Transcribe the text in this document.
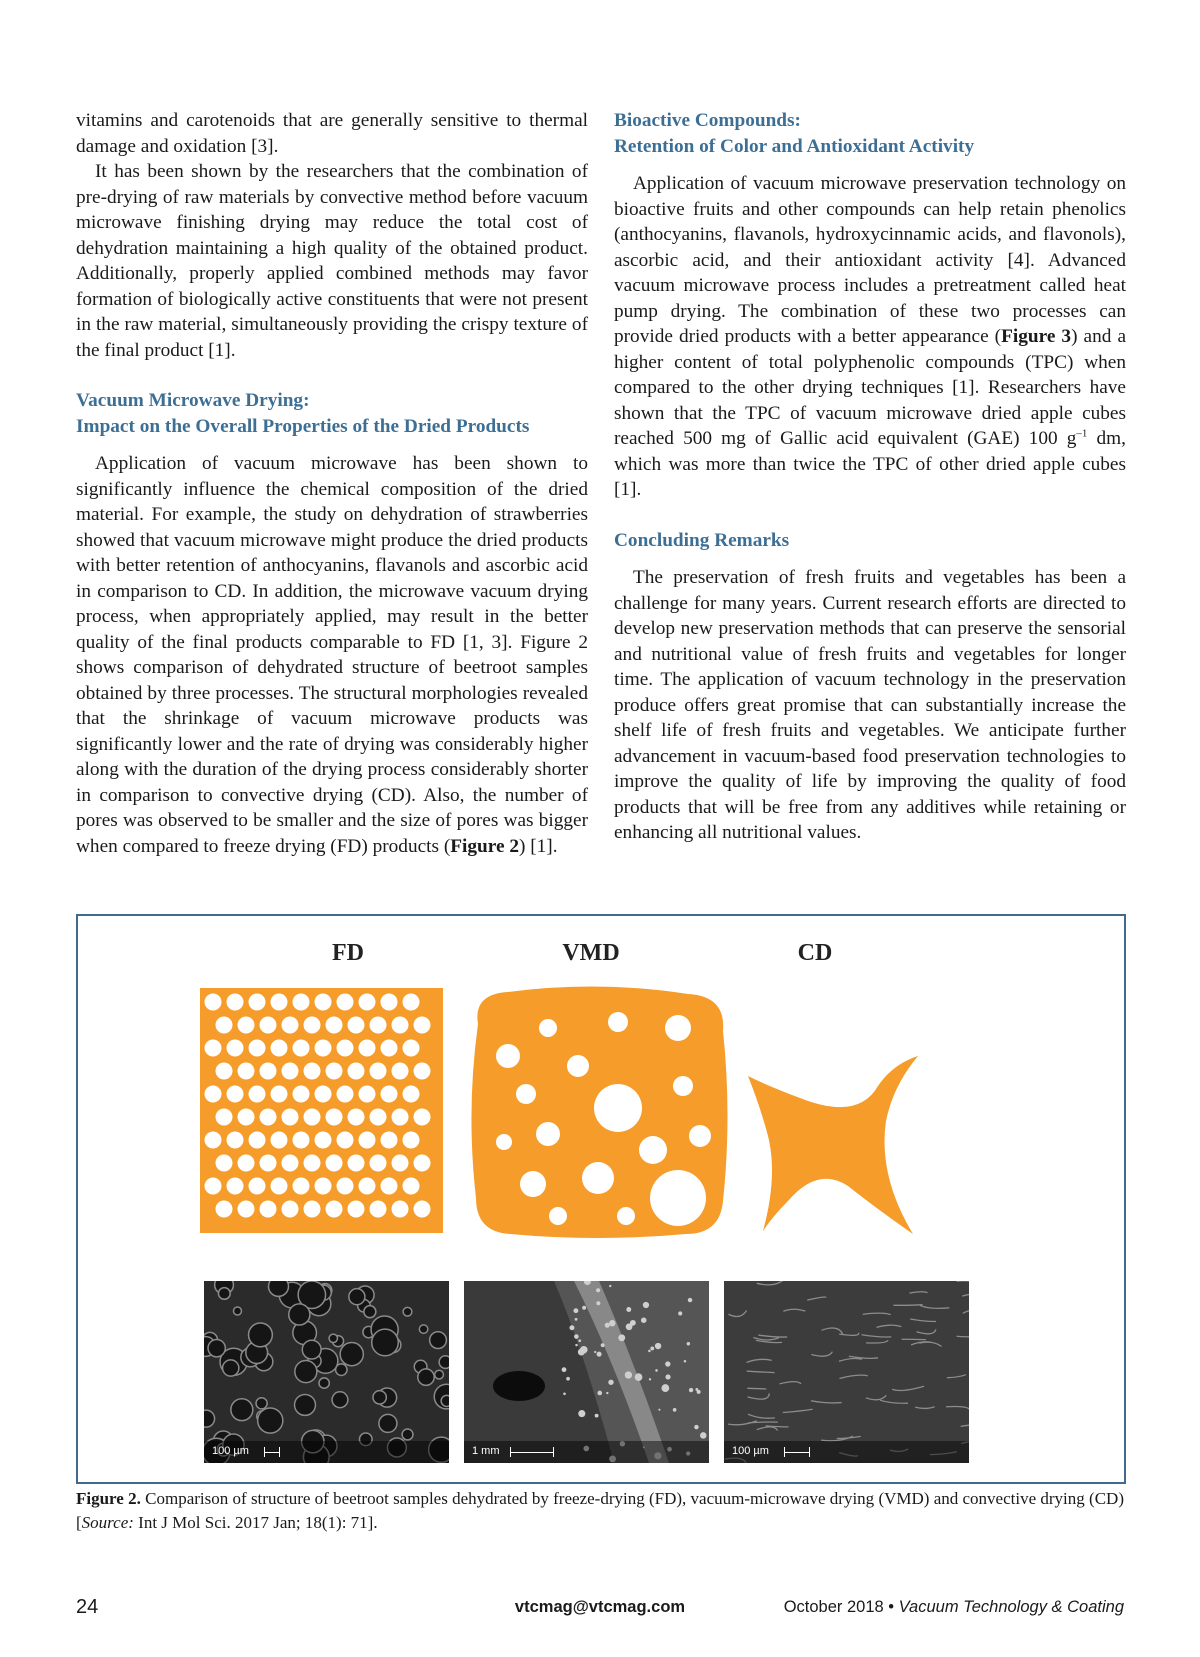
vitamins and carotenoids that are generally sensitive to thermal damage and oxidation [3].

It has been shown by the researchers that the combination of pre-drying of raw materials by convective method before vacuum microwave finishing drying may reduce the total cost of dehydration maintaining a high quality of the obtained product. Additionally, properly applied combined methods may favor formation of biologically active constituents that were not present in the raw material, simultaneously providing the crispy texture of the final product [1].

Vacuum Microwave Drying:
Impact on the Overall Properties of the Dried Products

Application of vacuum microwave has been shown to significantly influence the chemical composition of the dried material. For example, the study on dehydration of strawberries showed that vacuum microwave might produce the dried products with better retention of anthocyanins, flavanols and ascorbic acid in comparison to CD. In addition, the microwave vacuum drying process, when appropriately applied, may result in the better quality of the final products comparable to FD [1, 3]. Figure 2 shows comparison of dehydrated structure of beetroot samples obtained by three processes. The structural morphologies revealed that the shrinkage of vacuum microwave products was significantly lower and the rate of drying was considerably higher along with the duration of the drying process considerably shorter in comparison to convective drying (CD). Also, the number of pores was observed to be smaller and the size of pores was bigger when compared to freeze drying (FD) products (Figure 2) [1].

Bioactive Compounds:
Retention of Color and Antioxidant Activity

Application of vacuum microwave preservation technology on bioactive fruits and other compounds can help retain phenolics (anthocyanins, flavanols, hydroxycinnamic acids, and flavonols), ascorbic acid, and their antioxidant activity [4]. Advanced vacuum microwave process includes a pretreatment called heat pump drying. The combination of these two processes can provide dried products with a better appearance (Figure 3) and a higher content of total polyphenolic compounds (TPC) when compared to the other drying techniques [1]. Researchers have shown that the TPC of vacuum microwave dried apple cubes reached 500 mg of Gallic acid equivalent (GAE) 100 $g^{-1}$ dm, which was more than twice the TPC of other dried apple cubes [1].

Concluding Remarks

The preservation of fresh fruits and vegetables has been a challenge for many years. Current research efforts are directed to develop new preservation methods that can preserve the sensorial and nutritional value of fresh fruits and vegetables for longer time. The application of vacuum technology in the preservation produce offers great promise that can substantially increase the shelf life of fresh fruits and vegetables. We anticipate further advancement in vacuum-based food preservation technologies to improve the quality of life by improving the quality of food products that will be free from any additives while retaining or enhancing all nutritional values.

FD	VMD	CD
100 µm	1 mm	100 µm
Figure 2. Comparison of structure of beetroot samples dehydrated by freeze-drying (FD), vacuum-microwave drying (VMD) and convective drying (CD) [Source: Int J Mol Sci. 2017 Jan; 18(1): 71].
24	vtcmag@vtcmag.com	October 2018 • Vacuum Technology & Coating
